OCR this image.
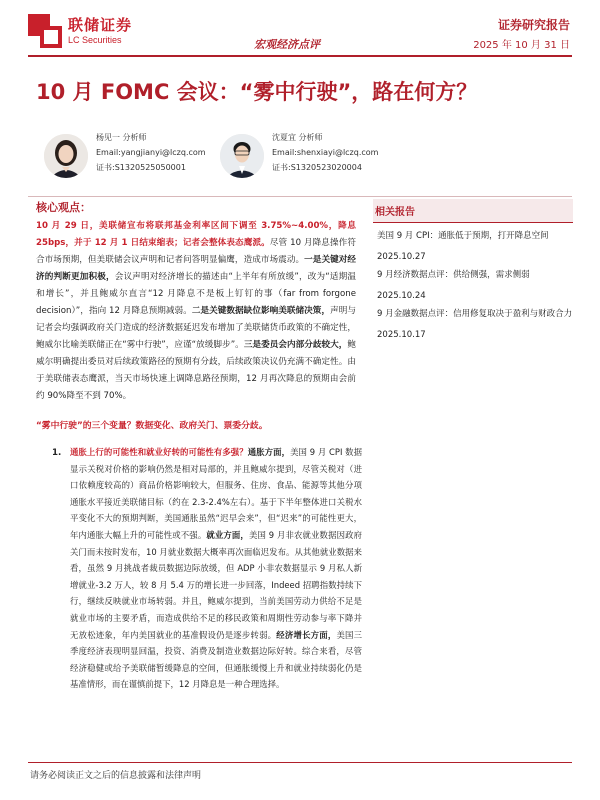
联储证券
LC Securities	宏观经济点评
证券研究报告
2025 年 10 月 31 日
10 月 FOMC 会议：“雾中行驶”，路在何方？
杨见一 分析师
Email:yangjianyi@lczq.com
证书:S1320525050001
沈夏宜 分析师
Email:shenxiayi@lczq.com
证书:S1320523020004
核心观点：
10 月 29 日，美联储宣布将联邦基金利率区间下调至 3.75%~4.00%，降息 25bps，并于 12 月 1 日结束缩表；记者会整体表态鹰派。尽管 10 月降息操作符合市场预期，但美联储会议声明和记者问答明显偏鹰，造成市场震动。一是关键对经济的判断更加积极，会议声明对经济增长的描述由“上半年有所放缓”，改为“适期温和增长”，并且鲍威尔直言“12 月降息不是板上钉钉的事（far from forgone decision）”，指向 12 月降息预期减弱。二是关键数据缺位影响美联储决策，声明与记者会均强调政府关门造成的经济数据延迟发布增加了美联储货币政策的不确定性，鲍威尔比喻美联储正在“雾中行驶”，应谨“放缓脚步”。三是委员会内部分歧较大，鲍威尔明确提出委员对后续政策路径的预期有分歧，后续政策决议仍充满不确定性。由于美联储表态鹰派，当天市场快速上调降息路径预期，12 月再次降息的预期由会前约 90%降至不到 70%。
相关报告
美国 9 月 CPI：通胀低于预期，打开降息空间
2025.10.27
9 月经济数据点评：供给侧强，需求侧弱
2025.10.24
9 月金融数据点评：信用修复取决于盈利与财政合力
2025.10.17
“雾中行驶”的三个变量？数据变化、政府关门、票委分歧。
1. 通胀上行的可能性和就业好转的可能性有多强？通胀方面，美国 9 月 CPI 数据显示关税对价格的影响仍然是相对局部的，并且鲍威尔提到，尽管关税对（进口依赖度较高的）商品价格影响较大，但服务、住房、食品、能源等其他分项通胀水平接近美联储目标（约在 2.3-2.4%左右）。基于下半年整体进口关税水平变化不大的预期判断，美国通胀虽然“迟早会来”，但“迟来”的可能性更大，年内通胀大幅上升的可能性或不强。就业方面，美国 9 月非农就业数据因政府关门而未按时发布，10 月就业数据大概率再次面临迟发布。从其他就业数据来看，虽然 9 月挑战者裁员数据边际放缓，但 ADP 小非农数据显示 9 月私人新增就业-3.2 万人，较 8 月 5.4 万的增长进一步回落，Indeed 招聘指数持续下行，继续反映就业市场转弱。并且，鲍威尔提到，当前美国劳动力供给不足是就业市场的主要矛盾，而造成供给不足的移民政策和周期性劳动参与率下降并无放松迹象，年内美国就业的基准假设仍是逐步转弱。经济增长方面，美国三季度经济表现明显回温，投资、消费及制造业数据边际好转。综合来看，尽管经济稳健或给予美联储暂缓降息的空间，但通胀缓慢上升和就业持续弱化仍是基准情形，而在谨慎前提下，12 月降息是一种合理选择。
请务必阅读正文之后的信息披露和法律声明
